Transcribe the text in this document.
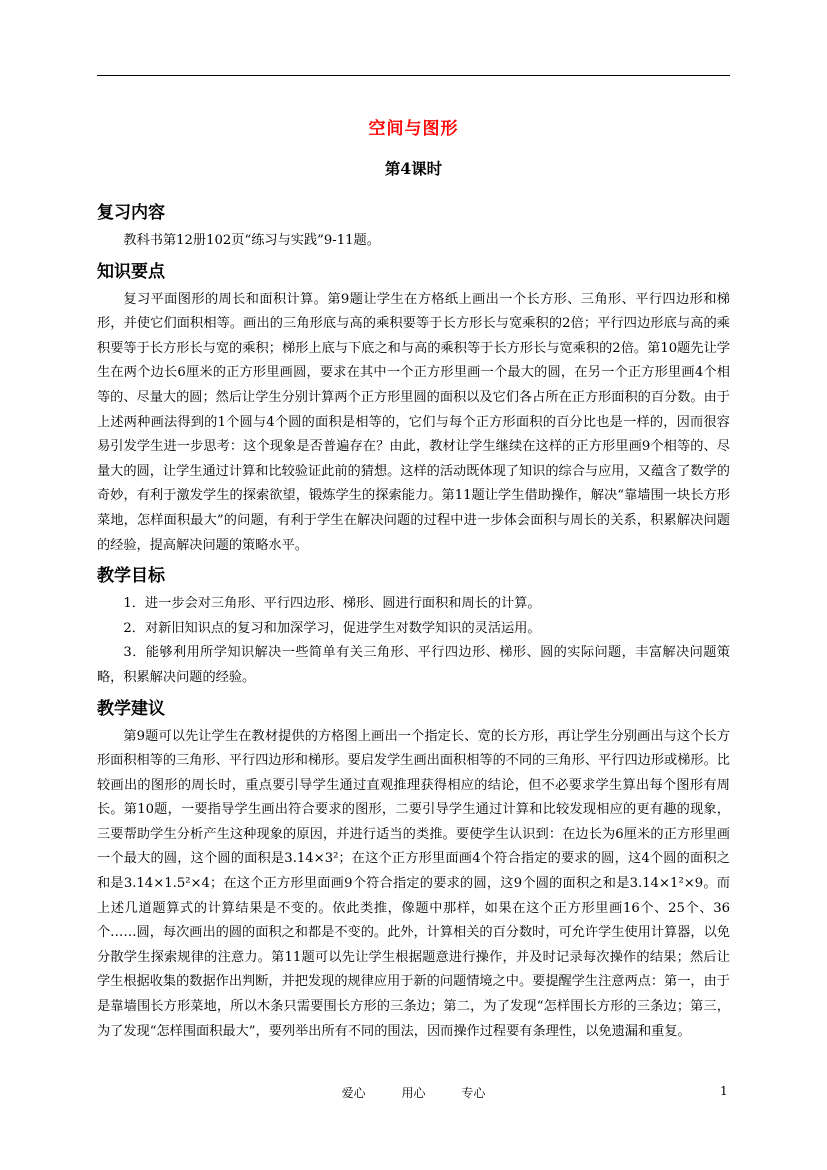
空间与图形
第4课时
复习内容

教科书第12册102页“练习与实践”9-11题。

知识要点

复习平面图形的周长和面积计算。第9题让学生在方格纸上画出一个长方形、三角形、平行四边形和梯形，并使它们面积相等。画出的三角形底与高的乘积要等于长方形长与宽乘积的2倍；平行四边形底与高的乘积要等于长方形长与宽的乘积；梯形上底与下底之和与高的乘积等于长方形长与宽乘积的2倍。第10题先让学生在两个边长6厘米的正方形里画圆，要求在其中一个正方形里画一个最大的圆，在另一个正方形里画4个相等的、尽量大的圆；然后让学生分别计算两个正方形里圆的面积以及它们各占所在正方形面积的百分数。由于上述两种画法得到的1个圆与4个圆的面积是相等的，它们与每个正方形面积的百分比也是一样的，因而很容易引发学生进一步思考：这个现象是否普遍存在？由此，教材让学生继续在这样的正方形里画9个相等的、尽量大的圆，让学生通过计算和比较验证此前的猜想。这样的活动既体现了知识的综合与应用，又蕴含了数学的奇妙，有利于激发学生的探索欲望，锻炼学生的探索能力。第11题让学生借助操作，解决“靠墙围一块长方形菜地，怎样面积最大”的问题，有利于学生在解决问题的过程中进一步体会面积与周长的关系，积累解决问题的经验，提高解决问题的策略水平。

教学目标

1．进一步会对三角形、平行四边形、梯形、圆进行面积和周长的计算。

2．对新旧知识点的复习和加深学习，促进学生对数学知识的灵活运用。

3．能够利用所学知识解决一些简单有关三角形、平行四边形、梯形、圆的实际问题，丰富解决问题策略，积累解决问题的经验。

教学建议

第9题可以先让学生在教材提供的方格图上画出一个指定长、宽的长方形，再让学生分别画出与这个长方形面积相等的三角形、平行四边形和梯形。要启发学生画出面积相等的不同的三角形、平行四边形或梯形。比较画出的图形的周长时，重点要引导学生通过直观推理获得相应的结论，但不必要求学生算出每个图形有周长。第10题，一要指导学生画出符合要求的图形，二要引导学生通过计算和比较发现相应的更有趣的现象，三要帮助学生分析产生这种现象的原因，并进行适当的类推。要使学生认识到：在边长为6厘米的正方形里画一个最大的圆，这个圆的面积是3.14×3²；在这个正方形里面画4个符合指定的要求的圆，这4个圆的面积之和是3.14×1.5²×4；在这个正方形里面画9个符合指定的要求的圆，这9个圆的面积之和是3.14×1²×9。而上述几道题算式的计算结果是不变的。依此类推，像题中那样，如果在这个正方形里画16个、25个、36个……圆，每次画出的圆的面积之和都是不变的。此外，计算相关的百分数时，可允许学生使用计算器，以免分散学生探索规律的注意力。第11题可以先让学生根据题意进行操作，并及时记录每次操作的结果；然后让学生根据收集的数据作出判断，并把发现的规律应用于新的问题情境之中。要提醒学生注意两点：第一，由于是靠墙围长方形菜地，所以木条只需要围长方形的三条边；第二，为了发现“怎样围长方形的三条边；第三，为了发现“怎样围面积最大”，要列举出所有不同的围法，因而操作过程要有条理性，以免遗漏和重复。

爱心	用心	专心	1
